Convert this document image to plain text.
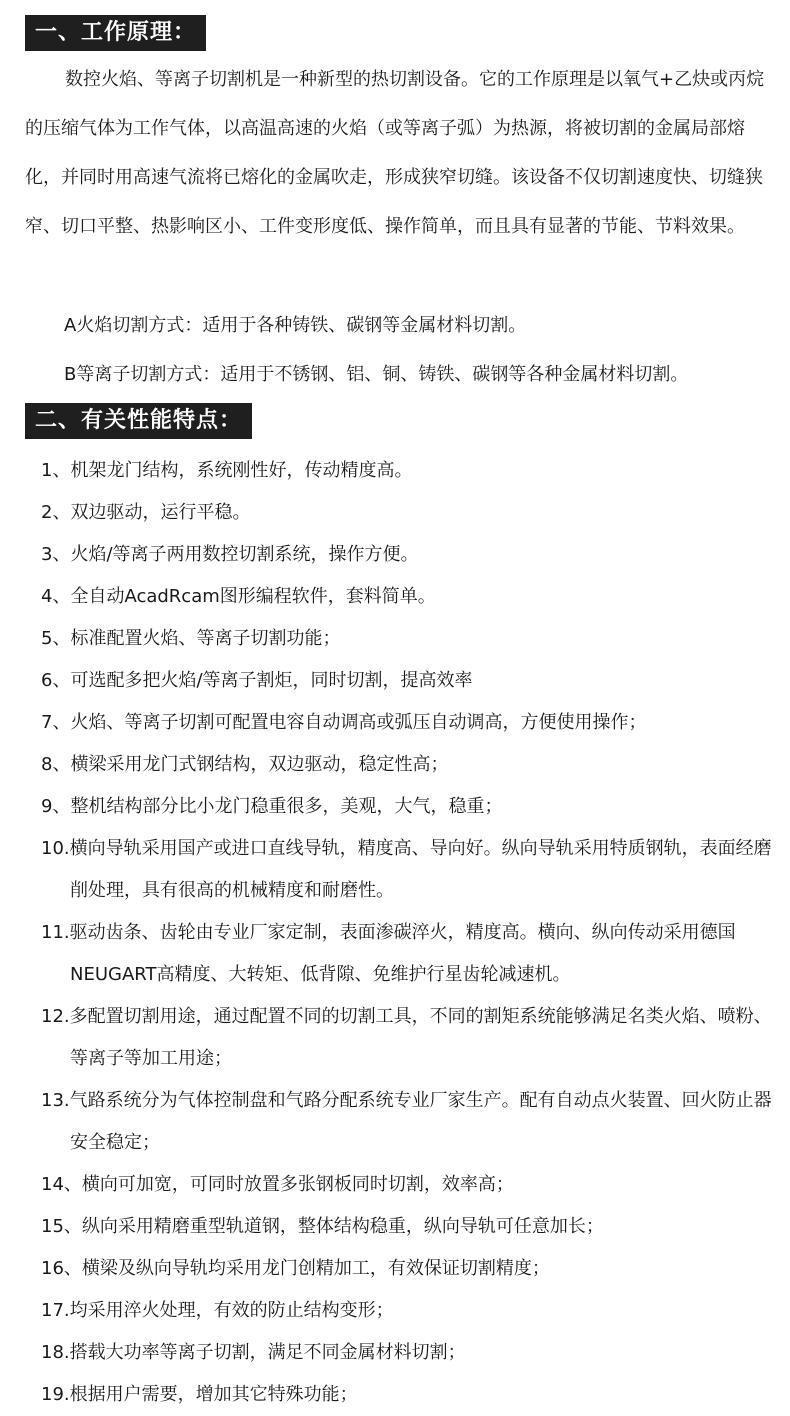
一、工作原理：

数控火焰、等离子切割机是一种新型的热切割设备。它的工作原理是以氧气+乙炔或丙烷的压缩气体为工作气体，以高温高速的火焰（或等离子弧）为热源，将被切割的金属局部熔化，并同时用高速气流将已熔化的金属吹走，形成狭窄切缝。该设备不仅切割速度快、切缝狭窄、切口平整、热影响区小、工件变形度低、操作简单，而且具有显著的节能、节料效果。

A火焰切割方式：适用于各种铸铁、碳钢等金属材料切割。

B等离子切割方式：适用于不锈钢、铝、铜、铸铁、碳钢等各种金属材料切割。

二、有关性能特点：
1、机架龙门结构，系统刚性好，传动精度高。
2、双边驱动，运行平稳。
3、火焰/等离子两用数控切割系统，操作方便。
4、全自动AcadRcam图形编程软件，套料简单。
5、标准配置火焰、等离子切割功能；
6、可选配多把火焰/等离子割炬，同时切割，提高效率
7、火焰、等离子切割可配置电容自动调高或弧压自动调高，方便使用操作；
8、横梁采用龙门式钢结构，双边驱动，稳定性高；
9、整机结构部分比小龙门稳重很多，美观，大气，稳重；
10.横向导轨采用国产或进口直线导轨，精度高、导向好。纵向导轨采用特质钢轨，表面经磨削处理，具有很高的机械精度和耐磨性。
11.驱动齿条、齿轮由专业厂家定制，表面渗碳淬火，精度高。横向、纵向传动采用德国NEUGART高精度、大转矩、低背隙、免维护行星齿轮减速机。
12.多配置切割用途，通过配置不同的切割工具，不同的割矩系统能够满足名类火焰、喷粉、等离子等加工用途；
13.气路系统分为气体控制盘和气路分配系统专业厂家生产。配有自动点火装置、回火防止器安全稳定；
14、横向可加宽，可同时放置多张钢板同时切割，效率高；
15、纵向采用精磨重型轨道钢，整体结构稳重，纵向导轨可任意加长；
16、横梁及纵向导轨均采用龙门创精加工，有效保证切割精度；
17.均采用淬火处理，有效的防止结构变形；
18.搭载大功率等离子切割，满足不同金属材料切割；
19.根据用户需要，增加其它特殊功能；
